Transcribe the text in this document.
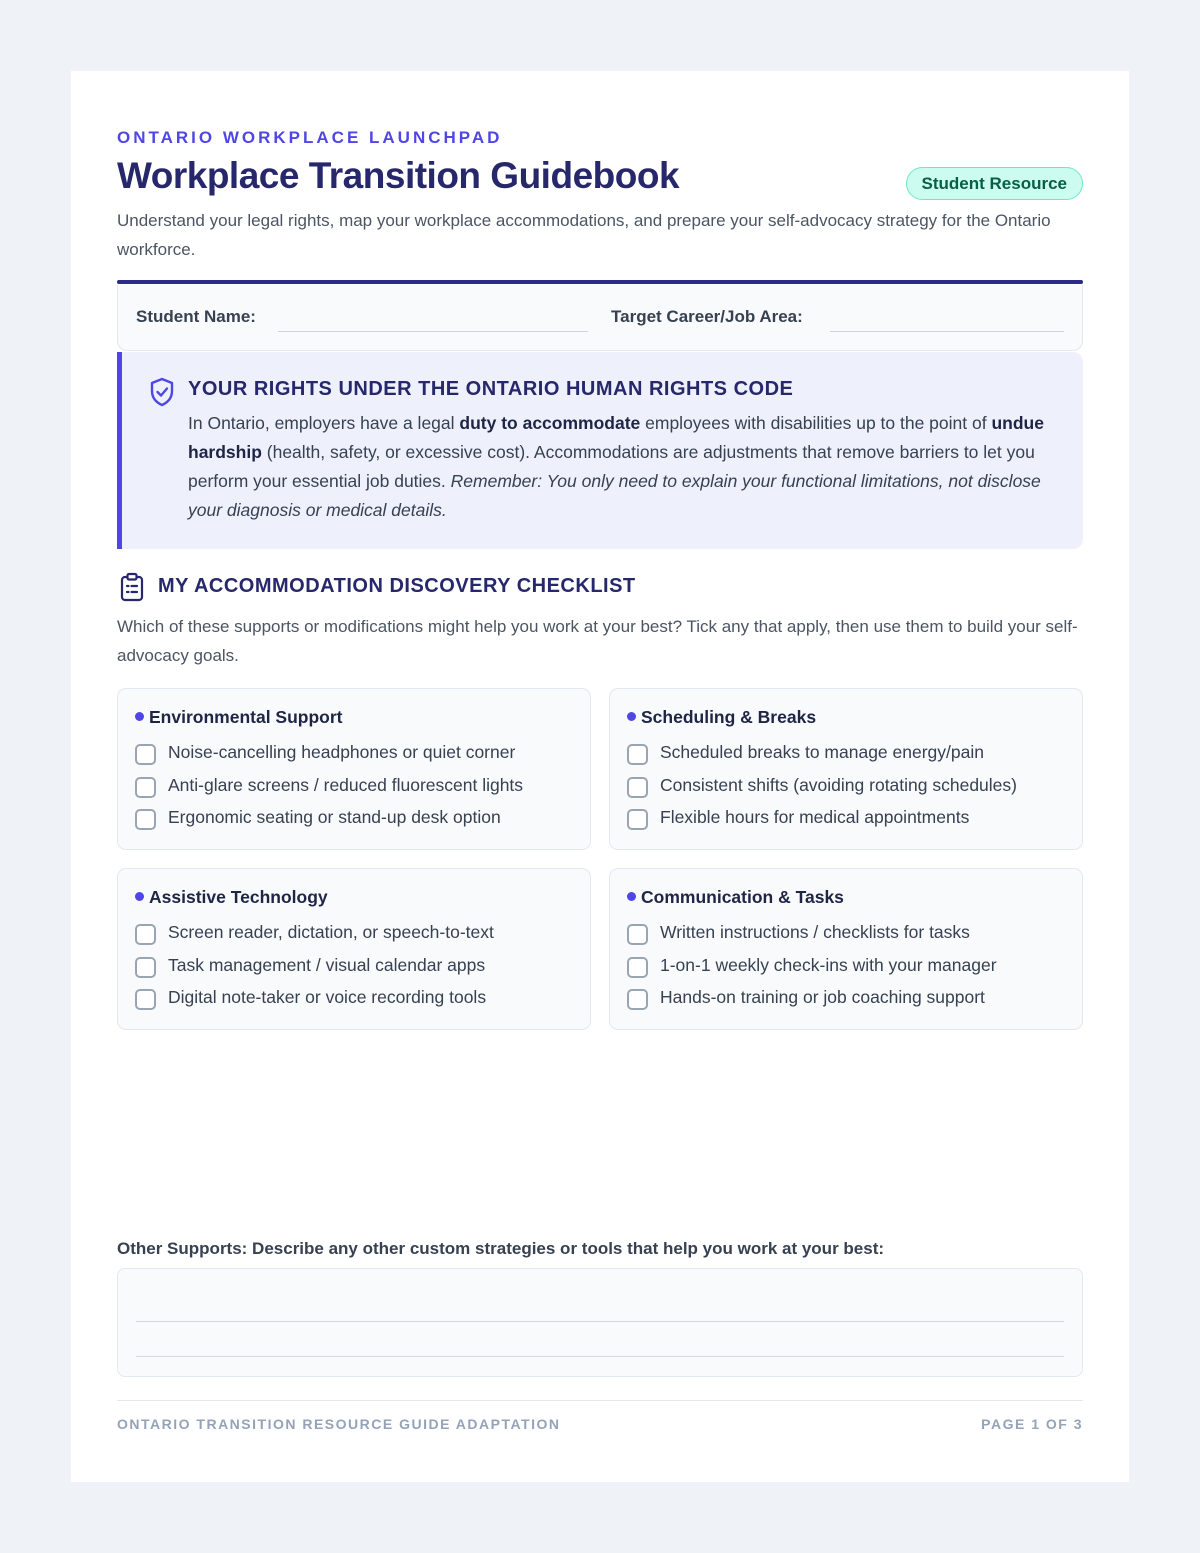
ONTARIO WORKPLACE LAUNCHPAD
Workplace Transition Guidebook	Student Resource
Understand your legal rights, map your workplace accommodations, and prepare your self-advocacy strategy for the Ontario workforce.
Student Name:	Target Career/Job Area:
YOUR RIGHTS UNDER THE ONTARIO HUMAN RIGHTS CODE
In Ontario, employers have a legal duty to accommodate employees with disabilities up to the point of undue hardship (health, safety, or excessive cost). Accommodations are adjustments that remove barriers to let you perform your essential job duties. Remember: You only need to explain your functional limitations, not disclose your diagnosis or medical details.
MY ACCOMMODATION DISCOVERY CHECKLIST
Which of these supports or modifications might help you work at your best? Tick any that apply, then use them to build your self-advocacy goals.
Environmental Support
Noise-cancelling headphones or quiet corner
Anti-glare screens / reduced fluorescent lights
Ergonomic seating or stand-up desk option
Scheduling & Breaks
Scheduled breaks to manage energy/pain
Consistent shifts (avoiding rotating schedules)
Flexible hours for medical appointments
Assistive Technology
Screen reader, dictation, or speech-to-text
Task management / visual calendar apps
Digital note-taker or voice recording tools
Communication & Tasks
Written instructions / checklists for tasks
1-on-1 weekly check-ins with your manager
Hands-on training or job coaching support
Other Supports: Describe any other custom strategies or tools that help you work at your best:
ONTARIO TRANSITION RESOURCE GUIDE ADAPTATION	PAGE 1 OF 3
